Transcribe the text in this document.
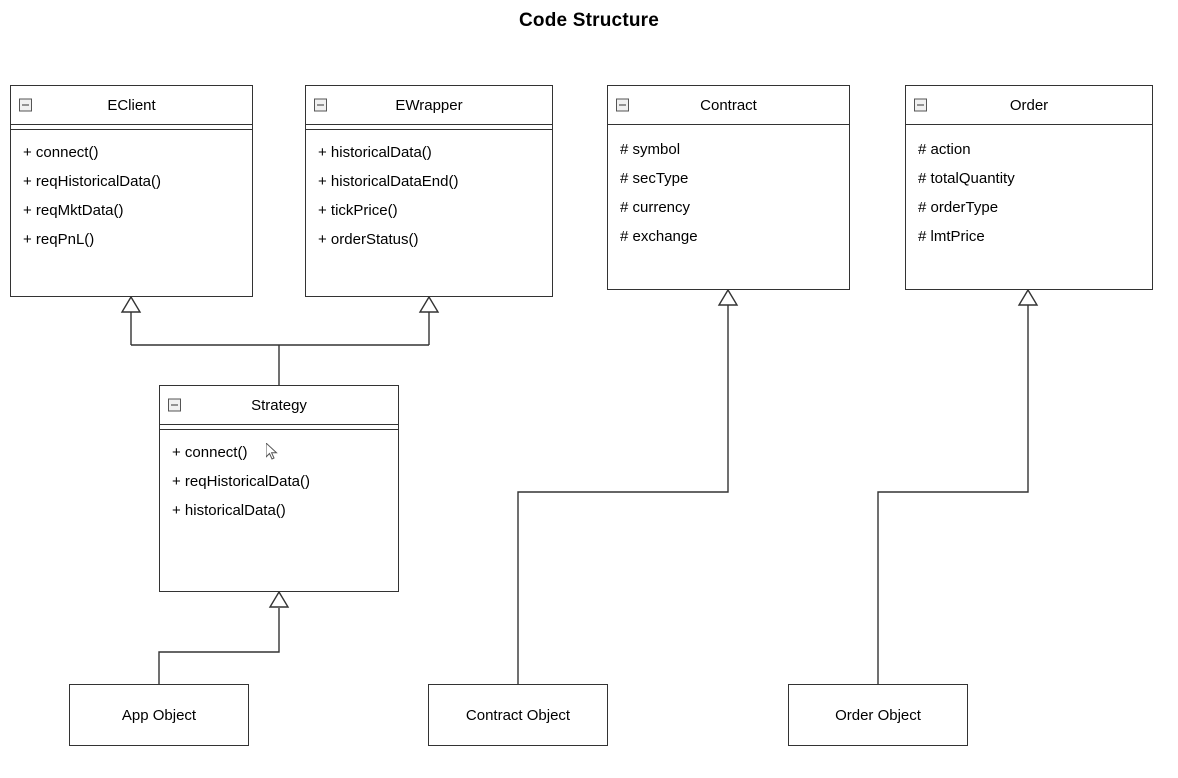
Code Structure
EClient
+ connect()
+ reqHistoricalData()
+ reqMktData()
+ reqPnL()
EWrapper
+ historicalData()
+ historicalDataEnd()
+ tickPrice()
+ orderStatus()
Contract
# symbol
# secType
# currency
# exchange
Order
# action
# totalQuantity
# orderType
# lmtPrice
Strategy
+ connect()
+ reqHistoricalData()
+ historicalData()
App Object	Contract Object	Order Object
